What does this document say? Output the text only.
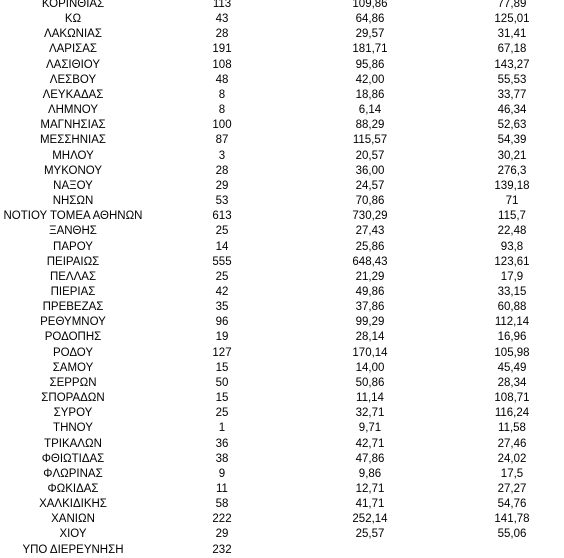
ΚΟΡΙΝΘΙΑΣ	113	109,86	77,89
ΚΩ	43	64,86	125,01
ΛΑΚΩΝΙΑΣ	28	29,57	31,41
ΛΑΡΙΣΑΣ	191	181,71	67,18
ΛΑΣΙΘΙΟΥ	108	95,86	143,27
ΛΕΣΒΟΥ	48	42,00	55,53
ΛΕΥΚΑΔΑΣ	8	18,86	33,77
ΛΗΜΝΟΥ	8	6,14	46,34
ΜΑΓΝΗΣΙΑΣ	100	88,29	52,63
ΜΕΣΣΗΝΙΑΣ	87	115,57	54,39
ΜΗΛΟΥ	3	20,57	30,21
ΜΥΚΟΝΟΥ	28	36,00	276,3
ΝΑΞΟΥ	29	24,57	139,18
ΝΗΣΩΝ	53	70,86	71
ΝΟΤΙΟΥ ΤΟΜΕΑ ΑΘΗΝΩΝ	613	730,29	115,7
ΞΑΝΘΗΣ	25	27,43	22,48
ΠΑΡΟΥ	14	25,86	93,8
ΠΕΙΡΑΙΩΣ	555	648,43	123,61
ΠΕΛΛΑΣ	25	21,29	17,9
ΠΙΕΡΙΑΣ	42	49,86	33,15
ΠΡΕΒΕΖΑΣ	35	37,86	60,88
ΡΕΘΥΜΝΟΥ	96	99,29	112,14
ΡΟΔΟΠΗΣ	19	28,14	16,96
ΡΟΔΟΥ	127	170,14	105,98
ΣΑΜΟΥ	15	14,00	45,49
ΣΕΡΡΩΝ	50	50,86	28,34
ΣΠΟΡΑΔΩΝ	15	11,14	108,71
ΣΥΡΟΥ	25	32,71	116,24
ΤΗΝΟΥ	1	9,71	11,58
ΤΡΙΚΑΛΩΝ	36	42,71	27,46
ΦΘΙΩΤΙΔΑΣ	38	47,86	24,02
ΦΛΩΡΙΝΑΣ	9	9,86	17,5
ΦΩΚΙΔΑΣ	11	12,71	27,27
ΧΑΛΚΙΔΙΚΗΣ	58	41,71	54,76
ΧΑΝΙΩΝ	222	252,14	141,78
ΧΙΟΥ	29	25,57	55,06
ΥΠΟ ΔΙΕΡΕΥΝΗΣΗ	232
